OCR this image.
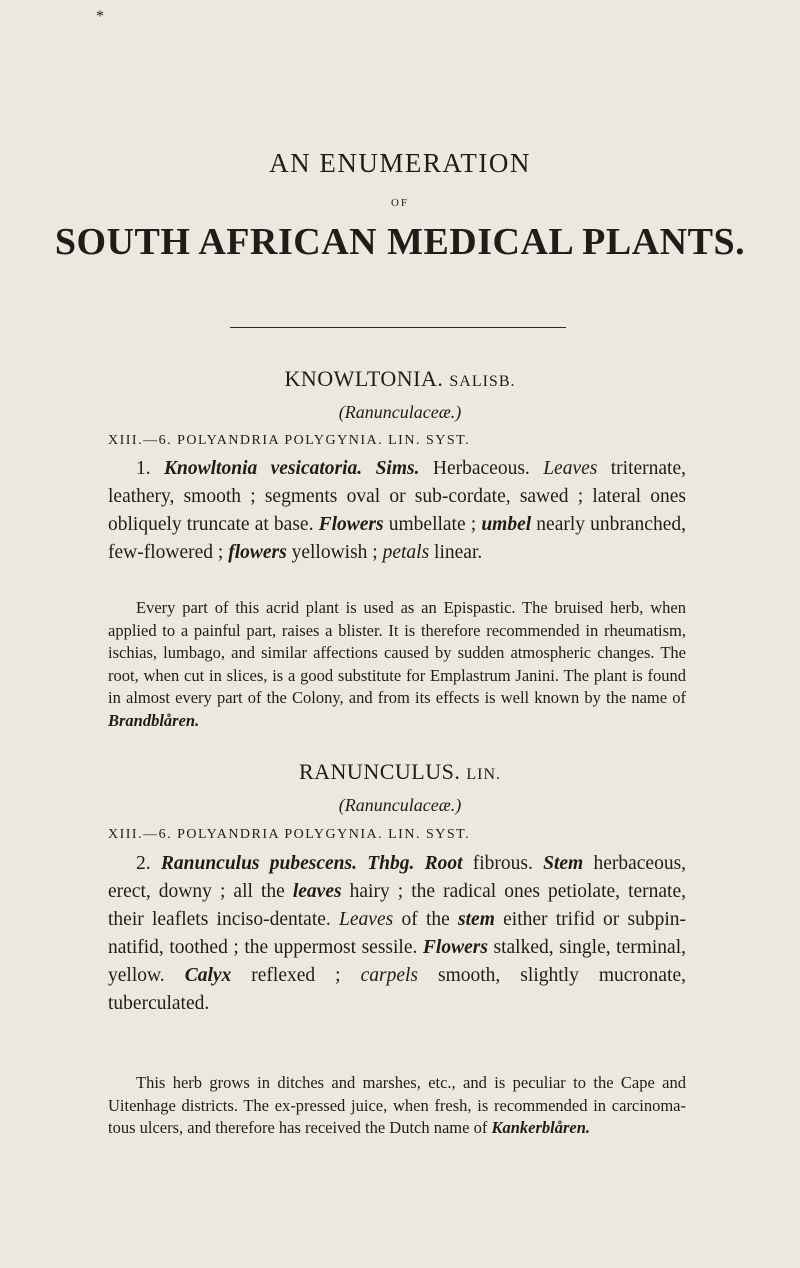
*
AN ENUMERATION
OF
SOUTH AFRICAN MEDICAL PLANTS.
KNOWLTONIA. SALISB.
(Ranunculaceæ.)
XIII.—6. POLYANDRIA POLYGYNIA. LIN. SYST.
1. Knowltonia vesicatoria. Sims. Herbaceous. Leaves triternate, leathery, smooth ; segments oval or sub-cordate, sawed ; lateral ones obliquely truncate at base. Flowers umbellate ; umbel nearly unbranched, few-flowered ; flowers yellowish ; petals linear.
Every part of this acrid plant is used as an Epispastic. The bruised herb, when applied to a painful part, raises a blister. It is therefore recommended in rheumatism, ischias, lumbago, and similar affections caused by sudden atmospheric changes. The root, when cut in slices, is a good substitute for Emplastrum Janini. The plant is found in almost every part of the Colony, and from its effects is well known by the name of Brandblåren.
RANUNCULUS. LIN.
(Ranunculaceæ.)
XIII.—6. POLYANDRIA POLYGYNIA. LIN. SYST.
2. Ranunculus pubescens. Thbg. Root fibrous. Stem herbaceous, erect, downy ; all the leaves hairy ; the radical ones petiolate, ternate, their leaflets inciso-dentate. Leaves of the stem either trifid or subpin-natifid, toothed ; the uppermost sessile. Flowers stalked, single, terminal, yellow. Calyx reflexed ; carpels smooth, slightly mucronate, tuberculated.
This herb grows in ditches and marshes, etc., and is peculiar to the Cape and Uitenhage districts. The ex-pressed juice, when fresh, is recommended in carcinoma-tous ulcers, and therefore has received the Dutch name of Kankerblåren.
